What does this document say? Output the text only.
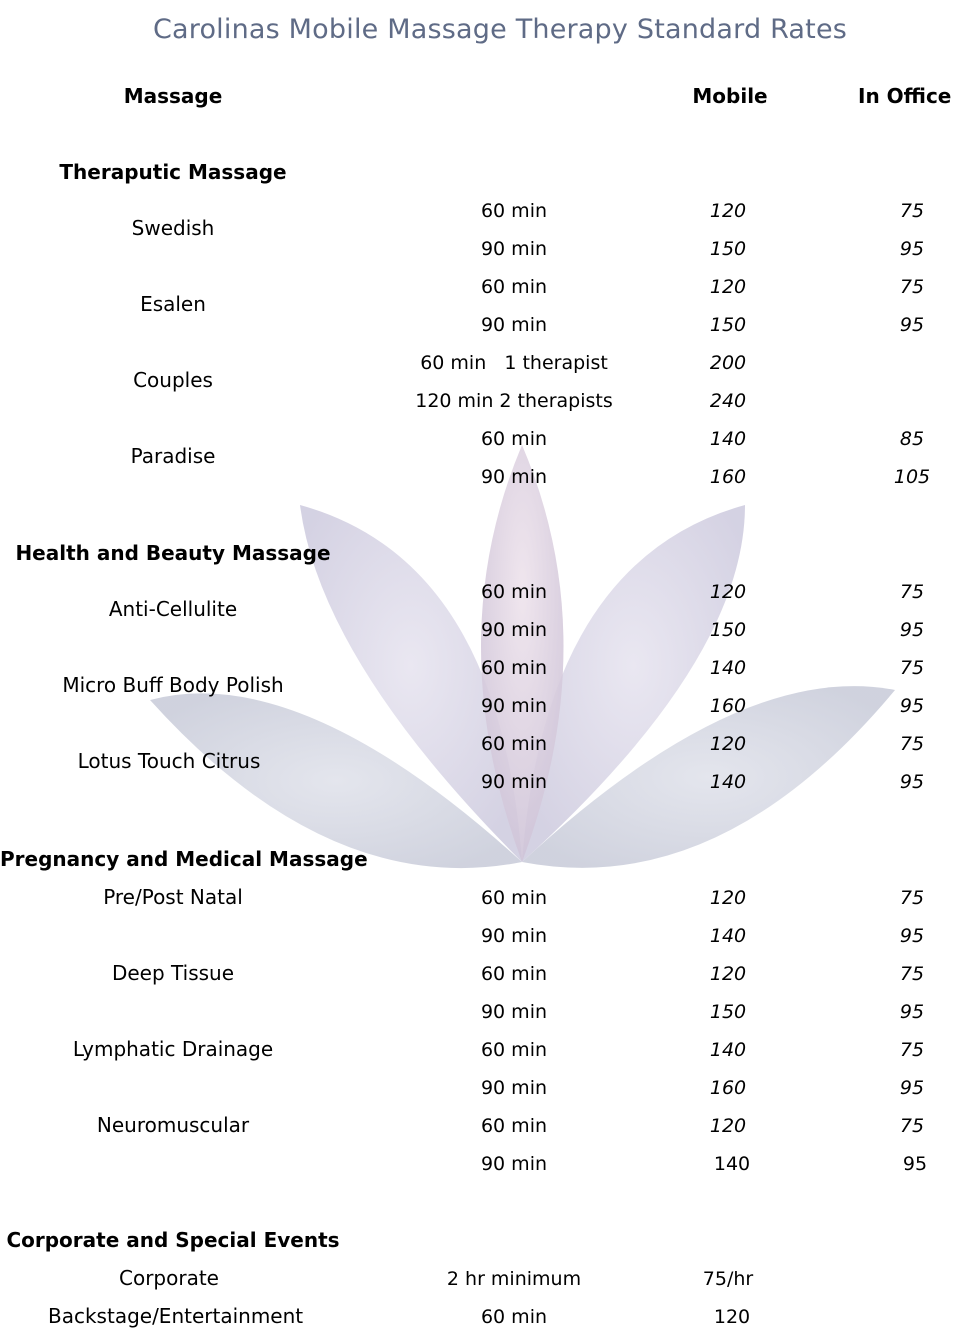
Carolinas Mobile Massage Therapy Standard Rates
Massage	Mobile	In Office
Theraputic Massage
Swedish
60 min	120	75
90 min	150	95
Esalen
60 min	120	75
90 min	150	95
Couples
60 min   1 therapist	200
120 min 2 therapists	240
Paradise
60 min	140	85
90 min	160	105
Health and Beauty Massage
Anti-Cellulite
60 min	120	75
90 min	150	95
Micro Buff Body Polish
60 min	140	75
90 min	160	95
Lotus Touch Citrus
60 min	120	75
90 min	140	95
Pregnancy and Medical Massage
Pre/Post Natal	60 min	120	75
90 min	140	95
Deep Tissue	60 min	120	75
90 min	150	95
Lymphatic Drainage	60 min	140	75
90 min	160	95
Neuromuscular	60 min	120	75
90 min	140	95
Corporate and Special Events
Corporate	2 hr minimum	75/hr
Backstage/Entertainment	60 min	120
